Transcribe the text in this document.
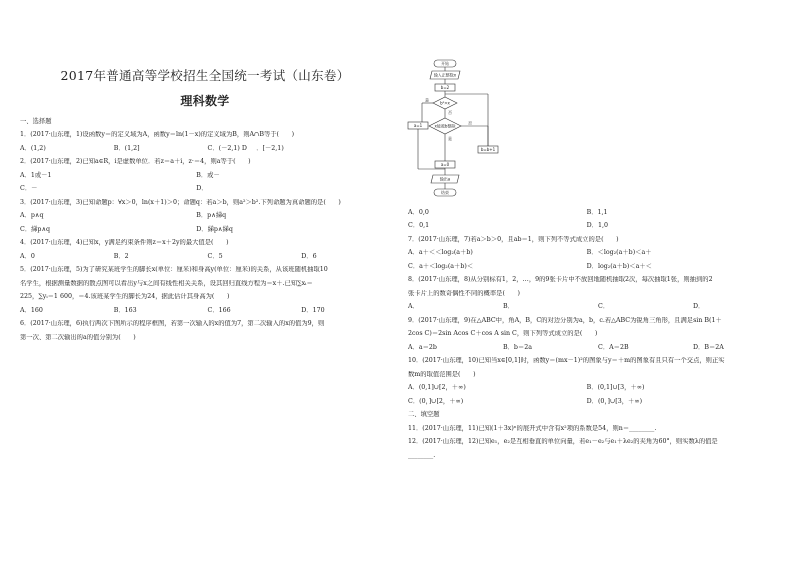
2017年普通高等学校招生全国统一考试（山东卷）
理科数学
一、选择题
1．(2017·山东理，1)设函数y＝的定义域为A，函数y＝ln(1－x)的定义域为B，则A∩B等于(　　)
A．(1,2)	B．(1,2]	C．(－2,1) D	．[－2,1)
2．(2017·山东理，2)已知a∈R，i是虚数单位．若z＝a＋i，z·＝4，则a等于(　　)
A．1或－1	B．或－
C．－	D．
3．(2017·山东理，3)已知命题p：∀x＞0，ln(x＋1)＞0；命题q：若a＞b，则a²＞b².下列命题为真命题的是(　　)
A．p∧q	B．p∧綈q
C．綈p∧q	D．綈p∧綈q
4．(2017·山东理，4)已知x，y满足约束条件则z＝x＋2y的最大值是(　　)
A．0	B．2	C．5	D．6
5．(2017·山东理，5)为了研究某班学生的脚长x(单位：厘米)和身高y(单位：厘米)的关系，从该班随机抽取10
名学生，根据测量数据的散点图可以看出y与x之间有线性相关关系，设其回归直线方程为＝x＋.已知∑xᵢ＝
225，∑yᵢ＝1 600，＝4.该班某学生的脚长为24，据此估计其身高为(　　)
A．160	B．163	C．166	D．170
6．(2017·山东理，6)执行两次下图所示的程序框图，若第一次输入的x的值为7，第二次输入的x的值为9，则
第一次、第二次输出的a的值分别为(　　)
开始
输入正整数x
b=2
b²>x
是
否
a=1	x能被b整除
否
是
b=b+1
a=0
输出a
结束
A．0,0	B．1,1
C．0,1	D．1,0
7．(2017·山东理，7)若a＞b＞0，且ab＝1，则下列不等式成立的是(　　)
A．a＋＜＜log₂(a＋b)	B．＜log₂(a＋b)＜a＋
C．a＋＜log₂(a＋b)＜	D．log₂(a＋b)＜a＋＜
8．(2017·山东理，8)从分别标有1，2，…，9的9张卡片中不放回地随机抽取2次，每次抽取1张，则抽到的2
张卡片上的数奇偶性不同的概率是(　　)
A．	B．	C．	D．
9．(2017·山东理，9)在△ABC中，角A，B，C的对边分别为a，b，c.若△ABC为锐角三角形，且满足sin B(1＋
2cos C)＝2sin Acos C＋cos A sin C，则下列等式成立的是(　　)
A．a＝2b	B．b＝2a	C．A＝2B	D．B＝2A
10．(2017·山东理，10)已知当x∈[0,1]时，函数y＝(mx－1)²的图象与y＝＋m的图象有且只有一个交点，则正实
数m的取值范围是(　　)
A．(0,1]∪[2，＋∞)	B．(0,1]∪[3，＋∞)
C．(0，]∪[2，＋∞)	D．(0，]∪[3，＋∞)
二、填空题
11．(2017·山东理，11)已知(1＋3x)ⁿ的展开式中含有x²项的系数是54，则n＝________.
12．(2017·山东理，12)已知e₁，e₂是互相垂直的单位向量，若e₁－e₂与e₁＋λe₂的夹角为60°，则实数λ的值是
________.
